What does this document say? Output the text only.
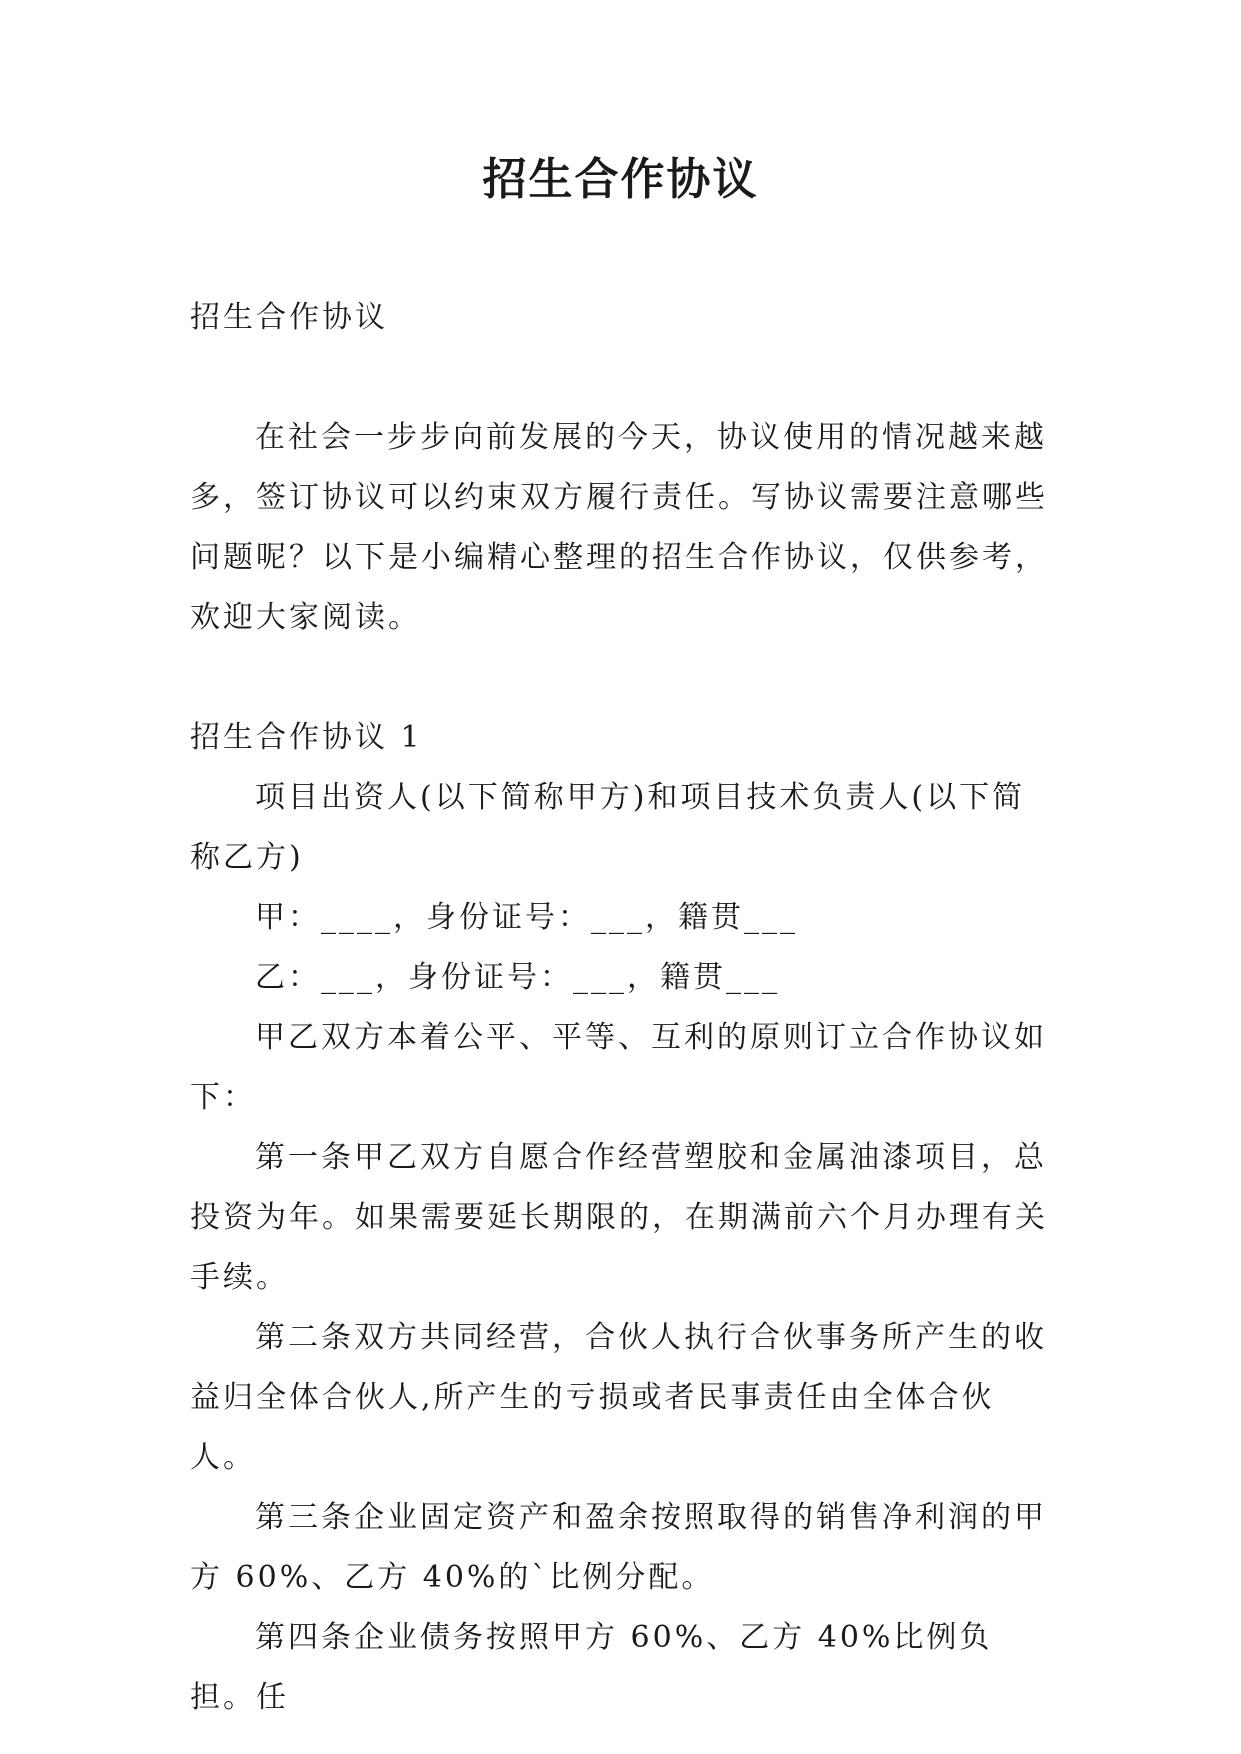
招生合作协议

招生合作协议

在社会一步步向前发展的今天，协议使用的情况越来越多，签订协议可以约束双方履行责任。写协议需要注意哪些问题呢？以下是小编精心整理的招生合作协议，仅供参考，欢迎大家阅读。

招生合作协议 1

项目出资人(以下简称甲方)和项目技术负责人(以下简称乙方)

甲：____，身份证号：___，籍贯___

乙：___，身份证号：___，籍贯___

甲乙双方本着公平、平等、互利的原则订立合作协议如下：

第一条甲乙双方自愿合作经营塑胶和金属油漆项目，总投资为年。如果需要延长期限的，在期满前六个月办理有关手续。

第二条双方共同经营，合伙人执行合伙事务所产生的收益归全体合伙人,所产生的亏损或者民事责任由全体合伙人。

第三条企业固定资产和盈余按照取得的销售净利润的甲方 60%、乙方 40%的`比例分配。

第四条企业债务按照甲方 60%、乙方 40%比例负担。任
